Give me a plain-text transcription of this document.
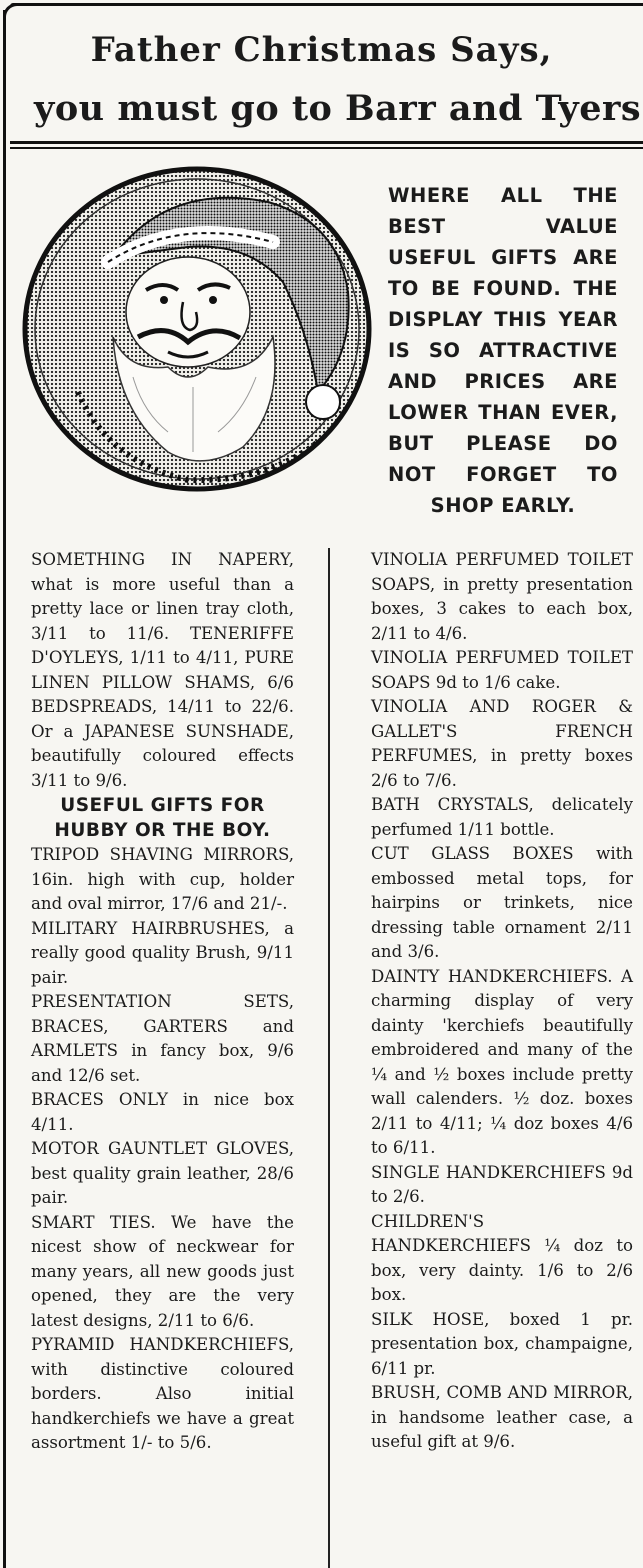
Father Christmas Says,
you must go to Barr and Tyers
WHERE ALL THE BEST VALUE USEFUL GIFTS ARE TO BE FOUND. THE DISPLAY THIS YEAR IS SO ATTRACTIVE AND PRICES ARE LOWER THAN EVER, BUT PLEASE DO NOT FORGET TO SHOP EARLY.

SOMETHING IN NAPERY, what is more useful than a pretty lace or linen tray cloth, 3/11 to 11/6. TENERIFFE D'OYLEYS, 1/11 to 4/11, PURE LINEN PILLOW SHAMS, 6/6 BEDSPREADS, 14/11 to 22/6. Or a JAPANESE SUNSHADE, beautifully coloured effects 3/11 to 9/6.

USEFUL GIFTS FOR HUBBY OR THE BOY.

TRIPOD SHAVING MIRRORS, 16in. high with cup, holder and oval mirror, 17/6 and 21/-.

MILITARY HAIRBRUSHES, a really good quality Brush, 9/11 pair.

PRESENTATION SETS, BRACES, GARTERS and ARMLETS in fancy box, 9/6 and 12/6 set.

BRACES ONLY in nice box 4/11.

MOTOR GAUNTLET GLOVES, best quality grain leather, 28/6 pair.

SMART TIES. We have the nicest show of neckwear for many years, all new goods just opened, they are the very latest designs, 2/11 to 6/6.

PYRAMID HANDKERCHIEFS, with distinctive coloured borders. Also initial handkerchiefs we have a great assortment 1/- to 5/6.

VINOLIA PERFUMED TOILET SOAPS, in pretty presentation boxes, 3 cakes to each box, 2/11 to 4/6.

VINOLIA PERFUMED TOILET SOAPS 9d to 1/6 cake.

VINOLIA AND ROGER & GALLET'S FRENCH PERFUMES, in pretty boxes 2/6 to 7/6.

BATH CRYSTALS, delicately perfumed 1/11 bottle.

CUT GLASS BOXES with embossed metal tops, for hairpins or trinkets, nice dressing table ornament 2/11 and 3/6.

DAINTY HANDKERCHIEFS. A charming display of very dainty 'kerchiefs beautifully embroidered and many of the ¼ and ½ boxes include pretty wall calenders. ½ doz. boxes 2/11 to 4/11; ¼ doz boxes 4/6 to 6/11.

SINGLE HANDKERCHIEFS 9d to 2/6.

CHILDREN'S HANDKERCHIEFS ¼ doz to box, very dainty. 1/6 to 2/6 box.

SILK HOSE, boxed 1 pr. presentation box, champaigne, 6/11 pr.

BRUSH, COMB AND MIRROR, in handsome leather case, a useful gift at 9/6.
